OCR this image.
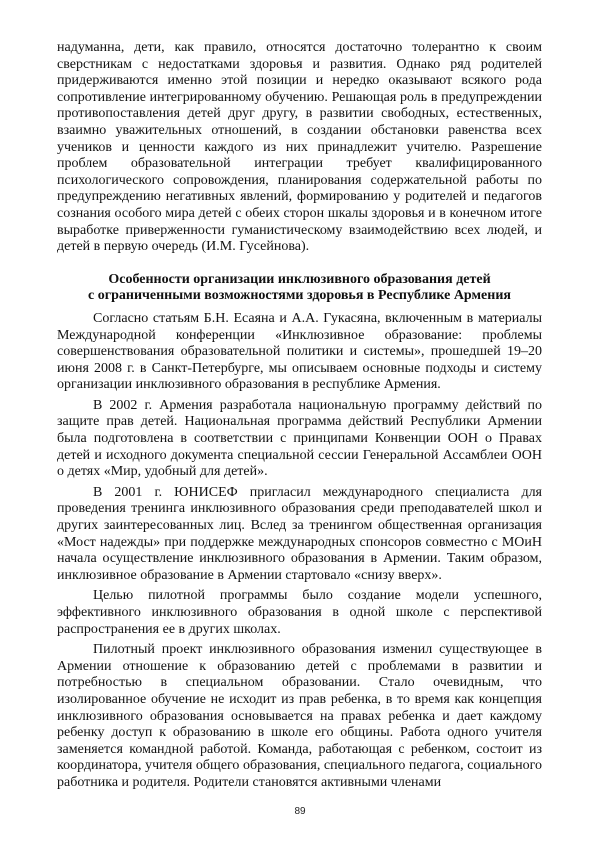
надуманна, дети, как правило, относятся достаточно толерантно к своим сверстникам с недостатками здоровья и развития. Однако ряд родителей придерживаются именно этой позиции и нередко оказывают всякого рода сопротивление интегрированному обучению. Решающая роль в предупреждении противопоставления детей друг другу, в развитии свободных, естественных, взаимно уважительных отношений, в создании обстановки равенства всех учеников и ценности каждого из них принадлежит учителю. Разрешение проблем образовательной интеграции требует квалифицированного психологического сопровождения, планирования содержательной работы по предупреждению негативных явлений, формированию у родителей и педагогов сознания особого мира детей с обеих сторон шкалы здоровья и в конечном итоге выработке приверженности гуманистическому взаимодействию всех людей, и детей в первую очередь (И.М. Гусейнова).

Особенности организации инклюзивного образования детей
с ограниченными возможностями здоровья в Республике Армения

Согласно статьям Б.Н. Есаяна и А.А. Гукасяна, включенным в материалы Международной конференции «Инклюзивное образование: проблемы совершенствования образовательной политики и системы», прошедшей 19–20 июня 2008 г. в Санкт-Петербурге, мы описываем основные подходы и систему организации инклюзивного образования в республике Армения.

В 2002 г. Армения разработала национальную программу действий по защите прав детей. Национальная программа действий Республики Армении была подготовлена в соответствии с принципами Конвенции ООН о Правах детей и исходного документа специальной сессии Генеральной Ассамблеи ООН о детях «Мир, удобный для детей».

В 2001 г. ЮНИСЕФ пригласил международного специалиста для проведения тренинга инклюзивного образования среди преподавателей школ и других заинтересованных лиц. Вслед за тренингом общественная организация «Мост надежды» при поддержке международных спонсоров совместно с МОиН начала осуществление инклюзивного образования в Армении. Таким образом, инклюзивное образование в Армении стартовало «снизу вверх».

Целью пилотной программы было создание модели успешного, эффективного инклюзивного образования в одной школе с перспективой распространения ее в других школах.

Пилотный проект инклюзивного образования изменил существующее в Армении отношение к образованию детей с проблемами в развитии и потребностью в специальном образовании. Стало очевидным, что изолированное обучение не исходит из прав ребенка, в то время как концепция инклюзивного образования основывается на правах ребенка и дает каждому ребенку доступ к образованию в школе его общины. Работа одного учителя заменяется командной работой. Команда, работающая с ребенком, состоит из координатора, учителя общего образования, специального педагога, социального работника и родителя. Родители становятся активными членами

89
